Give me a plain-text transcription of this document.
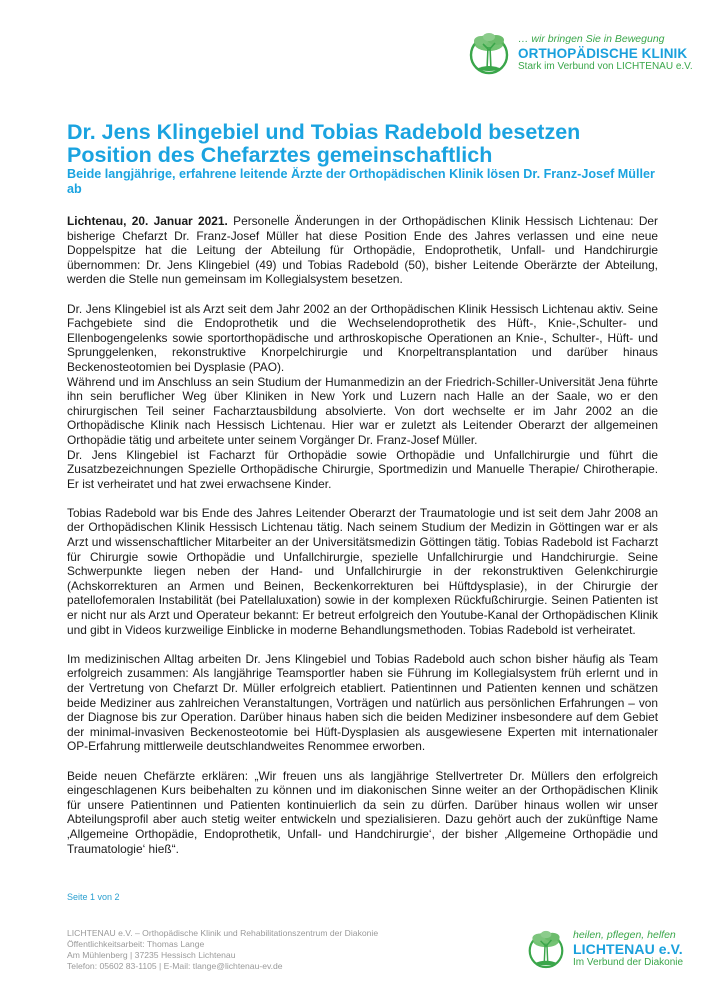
… wir bringen Sie in Bewegung
ORTHOPÄDISCHE KLINIK
Stark im Verbund von LICHTENAU e.V.
Dr. Jens Klingebiel und Tobias Radebold besetzen Position des Chefarztes gemeinschaftlich
Beide langjährige, erfahrene leitende Ärzte der Orthopädischen Klinik lösen Dr. Franz-Josef Müller ab

Lichtenau, 20. Januar 2021. Personelle Änderungen in der Orthopädischen Klinik Hessisch Lichtenau: Der bisherige Chefarzt Dr. Franz-Josef Müller hat diese Position Ende des Jahres verlassen und eine neue Doppelspitze hat die Leitung der Abteilung für Orthopädie, Endoprothetik, Unfall- und Handchirurgie übernommen: Dr. Jens Klingebiel (49) und Tobias Radebold (50), bisher Leitende Oberärzte der Abteilung, werden die Stelle nun gemeinsam im Kollegialsystem besetzen.

Dr. Jens Klingebiel ist als Arzt seit dem Jahr 2002 an der Orthopädischen Klinik Hessisch Lichtenau aktiv. Seine Fachgebiete sind die Endoprothetik und die Wechselendoprothetik des Hüft-, Knie-,Schulter- und Ellenbogengelenks sowie sportorthopädische und arthroskopische Operationen an Knie-, Schulter-, Hüft- und Sprunggelenken, rekonstruktive Knorpelchirurgie und Knorpeltransplantation und darüber hinaus Beckenosteotomien bei Dysplasie (PAO).

Während und im Anschluss an sein Studium der Humanmedizin an der Friedrich-Schiller-Universität Jena führte ihn sein beruflicher Weg über Kliniken in New York und Luzern nach Halle an der Saale, wo er den chirurgischen Teil seiner Facharztausbildung absolvierte. Von dort wechselte er im Jahr 2002 an die Orthopädische Klinik nach Hessisch Lichtenau. Hier war er zuletzt als Leitender Oberarzt der allgemeinen Orthopädie tätig und arbeitete unter seinem Vorgänger Dr. Franz-Josef Müller.

Dr. Jens Klingebiel ist Facharzt für Orthopädie sowie Orthopädie und Unfallchirurgie und führt die Zusatzbezeichnungen Spezielle Orthopädische Chirurgie, Sportmedizin und Manuelle Therapie/ Chirotherapie. Er ist verheiratet und hat zwei erwachsene Kinder.

Tobias Radebold war bis Ende des Jahres Leitender Oberarzt der Traumatologie und ist seit dem Jahr 2008 an der Orthopädischen Klinik Hessisch Lichtenau tätig. Nach seinem Studium der Medizin in Göttingen war er als Arzt und wissenschaftlicher Mitarbeiter an der Universitätsmedizin Göttingen tätig. Tobias Radebold ist Facharzt für Chirurgie sowie Orthopädie und Unfallchirurgie, spezielle Unfallchirurgie und Handchirurgie. Seine Schwerpunkte liegen neben der Hand- und Unfallchirurgie in der rekonstruktiven Gelenkchirurgie (Achskorrekturen an Armen und Beinen, Beckenkorrekturen bei Hüftdysplasie), in der Chirurgie der patellofemoralen Instabilität (bei Patellaluxation) sowie in der komplexen Rückfußchirurgie. Seinen Patienten ist er nicht nur als Arzt und Operateur bekannt: Er betreut erfolgreich den Youtube-Kanal der Orthopädischen Klinik und gibt in Videos kurzweilige Einblicke in moderne Behandlungsmethoden. Tobias Radebold ist verheiratet.

Im medizinischen Alltag arbeiten Dr. Jens Klingebiel und Tobias Radebold auch schon bisher häufig als Team erfolgreich zusammen: Als langjährige Teamsportler haben sie Führung im Kollegialsystem früh erlernt und in der Vertretung von Chefarzt Dr. Müller erfolgreich etabliert. Patientinnen und Patienten kennen und schätzen beide Mediziner aus zahlreichen Veranstaltungen, Vorträgen und natürlich aus persönlichen Erfahrungen – von der Diagnose bis zur Operation. Darüber hinaus haben sich die beiden Mediziner insbesondere auf dem Gebiet der minimal-invasiven Beckenosteotomie bei Hüft-Dysplasien als ausgewiesene Experten mit internationaler OP-Erfahrung mittlerweile deutschlandweites Renommee erworben.

Beide neuen Chefärzte erklären: „Wir freuen uns als langjährige Stellvertreter Dr. Müllers den erfolgreich eingeschlagenen Kurs beibehalten zu können und im diakonischen Sinne weiter an der Orthopädischen Klinik für unsere Patientinnen und Patienten kontinuierlich da sein zu dürfen. Darüber hinaus wollen wir unser Abteilungsprofil aber auch stetig weiter entwickeln und spezialisieren. Dazu gehört auch der zukünftige Name ‚Allgemeine Orthopädie, Endoprothetik, Unfall- und Handchirurgie‘, der bisher ‚Allgemeine Orthopädie und Traumatologie‘ hieß“.

Seite 1 von 2
LICHTENAU e.V. – Orthopädische Klinik und Rehabilitationszentrum der Diakonie
Öffentlichkeitsarbeit: Thomas Lange
Am Mühlenberg | 37235 Hessisch Lichtenau
Telefon: 05602 83-1105 | E-Mail: tlange@lichtenau-ev.de
heilen, pflegen, helfen
LICHTENAU e.V.
Im Verbund der Diakonie
